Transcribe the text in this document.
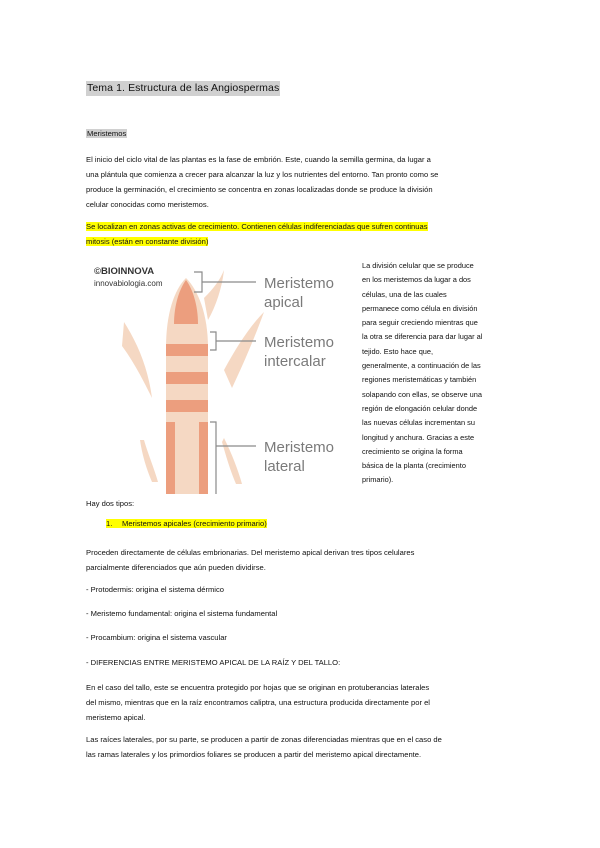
Tema 1. Estructura de las Angiospermas
Meristemos
El inicio del ciclo vital de las plantas es la fase de embrión. Este, cuando la semilla germina, da lugar a
una plántula que comienza a crecer para alcanzar la luz y los nutrientes del entorno. Tan pronto como se
produce la germinación, el crecimiento se concentra en zonas localizadas donde se produce la división
celular conocidas como meristemos.
Se localizan en zonas activas de crecimiento. Contienen células indiferenciadas que sufren continuas
mitosis (están en constante división)
©BIOINNOVA
innovabiologia.com	Meristemo
apical
Meristemo
intercalar
Meristemo
lateral
La división celular que se produce
en los meristemos da lugar a dos
células, una de las cuales
permanece como célula en división
para seguir creciendo mientras que
la otra se diferencia para dar lugar al
tejido. Esto hace que,
generalmente, a continuación de las
regiones meristemáticas y también
solapando con ellas, se observe una
región de elongación celular donde
las nuevas células incrementan su
longitud y anchura. Gracias a este
crecimiento se origina la forma
básica de la planta (crecimiento
primario).
Hay dos tipos:
1. Meristemos apicales (crecimiento primario)
Proceden directamente de células embrionarias. Del meristemo apical derivan tres tipos celulares
parcialmente diferenciados que aún pueden dividirse.
- Protodermis: origina el sistema dérmico
- Meristemo fundamental: origina el sistema fundamental
- Procambium: origina el sistema vascular
- DIFERENCIAS ENTRE MERISTEMO APICAL DE LA RAÍZ Y DEL TALLO:
En el caso del tallo, este se encuentra protegido por hojas que se originan en protuberancias laterales
del mismo, mientras que en la raíz encontramos caliptra, una estructura producida directamente por el
meristemo apical.
Las raíces laterales, por su parte, se producen a partir de zonas diferenciadas mientras que en el caso de
las ramas laterales y los primordios foliares se producen a partir del meristemo apical directamente.
